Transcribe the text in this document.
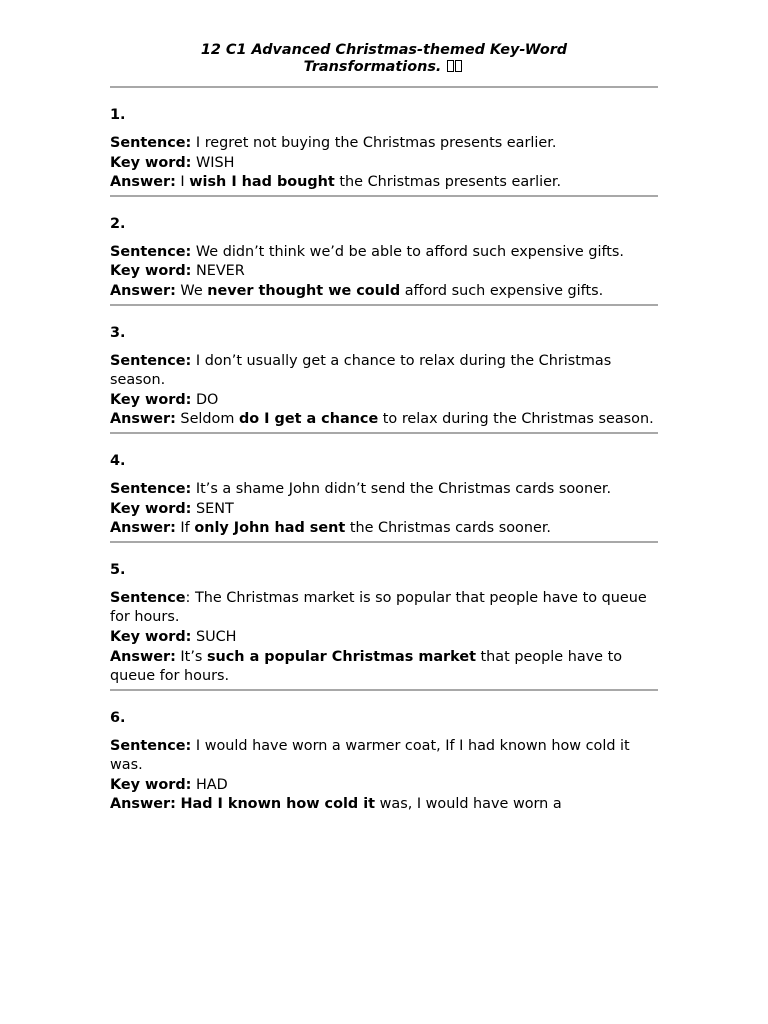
12 C1 Advanced Christmas-themed Key-Word Transformations.
1.

Sentence: I regret not buying the Christmas presents earlier.

Key word: WISH

Answer: I wish I had bought the Christmas presents earlier.

2.

Sentence: We didn’t think we’d be able to afford such expensive gifts.

Key word: NEVER

Answer: We never thought we could afford such expensive gifts.

3.

Sentence: I don’t usually get a chance to relax during the Christmas season.

Key word: DO

Answer: Seldom do I get a chance to relax during the Christmas season.

4.

Sentence: It’s a shame John didn’t send the Christmas cards sooner.

Key word: SENT

Answer: If only John had sent the Christmas cards sooner.

5.

Sentence: The Christmas market is so popular that people have to queue for hours.

Key word: SUCH

Answer: It’s such a popular Christmas market that people have to queue for hours.

6.

Sentence: I would have worn a warmer coat, If I had known how cold it was.

Key word: HAD

Answer: Had I known how cold it was, I would have worn a
